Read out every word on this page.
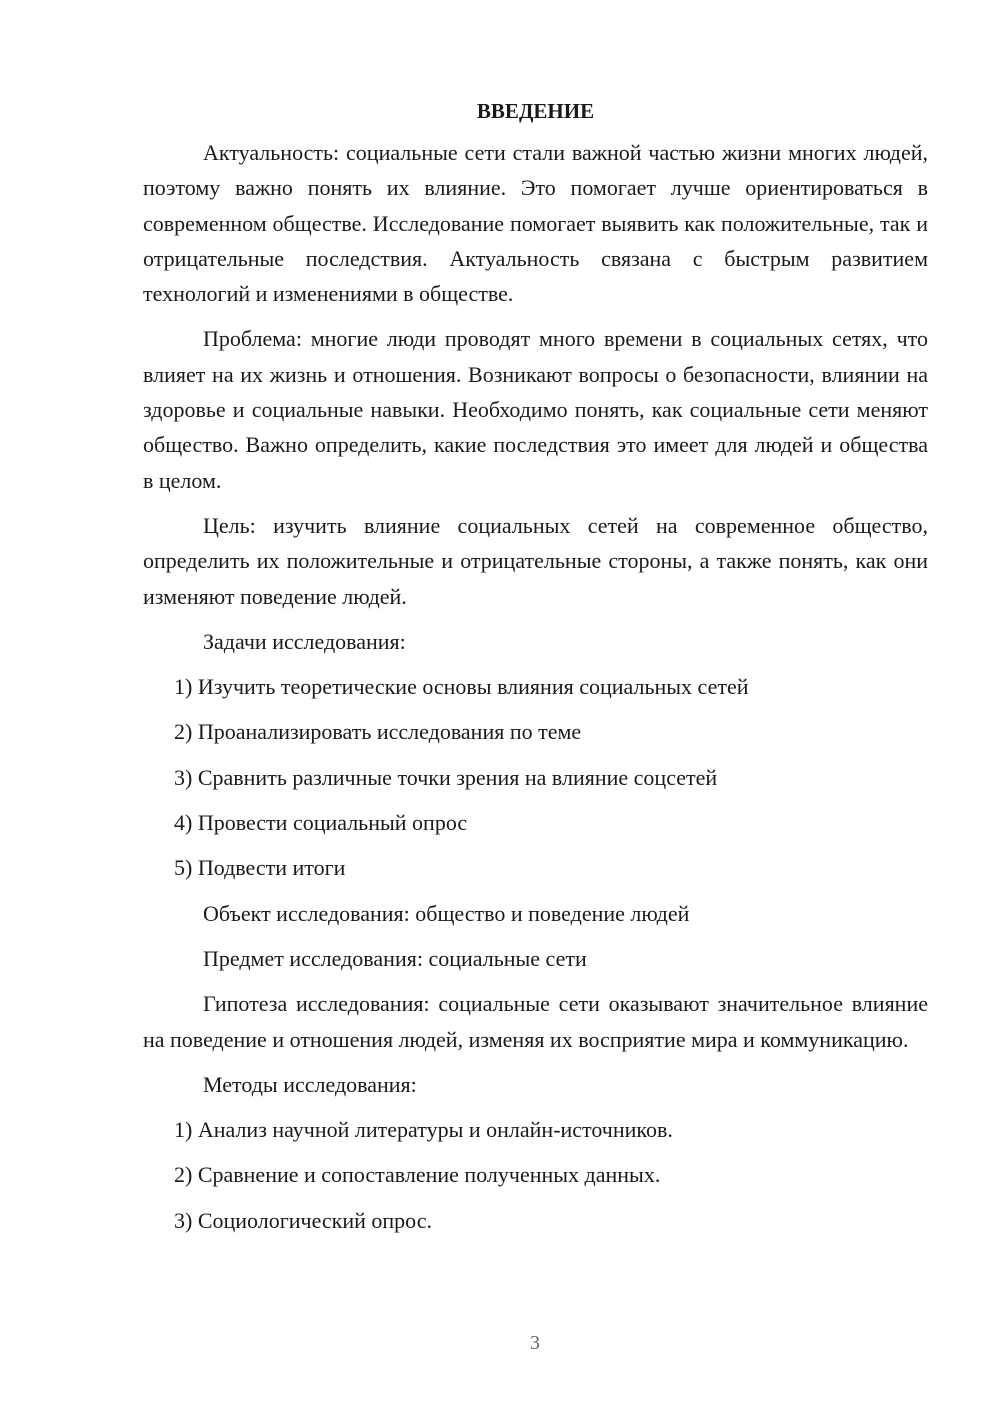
ВВЕДЕНИЕ

Актуальность: социальные сети стали важной частью жизни многих людей, поэтому важно понять их влияние. Это помогает лучше ориентироваться в современном обществе. Исследование помогает выявить как положительные, так и отрицательные последствия. Актуальность связана с быстрым развитием технологий и изменениями в обществе.

Проблема: многие люди проводят много времени в социальных сетях, что влияет на их жизнь и отношения. Возникают вопросы о безопасности, влиянии на здоровье и социальные навыки. Необходимо понять, как социальные сети меняют общество. Важно определить, какие последствия это имеет для людей и общества в целом.

Цель: изучить влияние социальных сетей на современное общество, определить их положительные и отрицательные стороны, а также понять, как они изменяют поведение людей.

Задачи исследования:
1) Изучить теоретические основы влияния социальных сетей
2) Проанализировать исследования по теме
3) Сравнить различные точки зрения на влияние соцсетей
4) Провести социальный опрос
5) Подвести итоги
Объект исследования: общество и поведение людей
Предмет исследования: социальные сети

Гипотеза исследования: социальные сети оказывают значительное влияние на поведение и отношения людей, изменяя их восприятие мира и коммуникацию.

Методы исследования:
1) Анализ научной литературы и онлайн-источников.
2) Сравнение и сопоставление полученных данных.
3) Социологический опрос.
3
